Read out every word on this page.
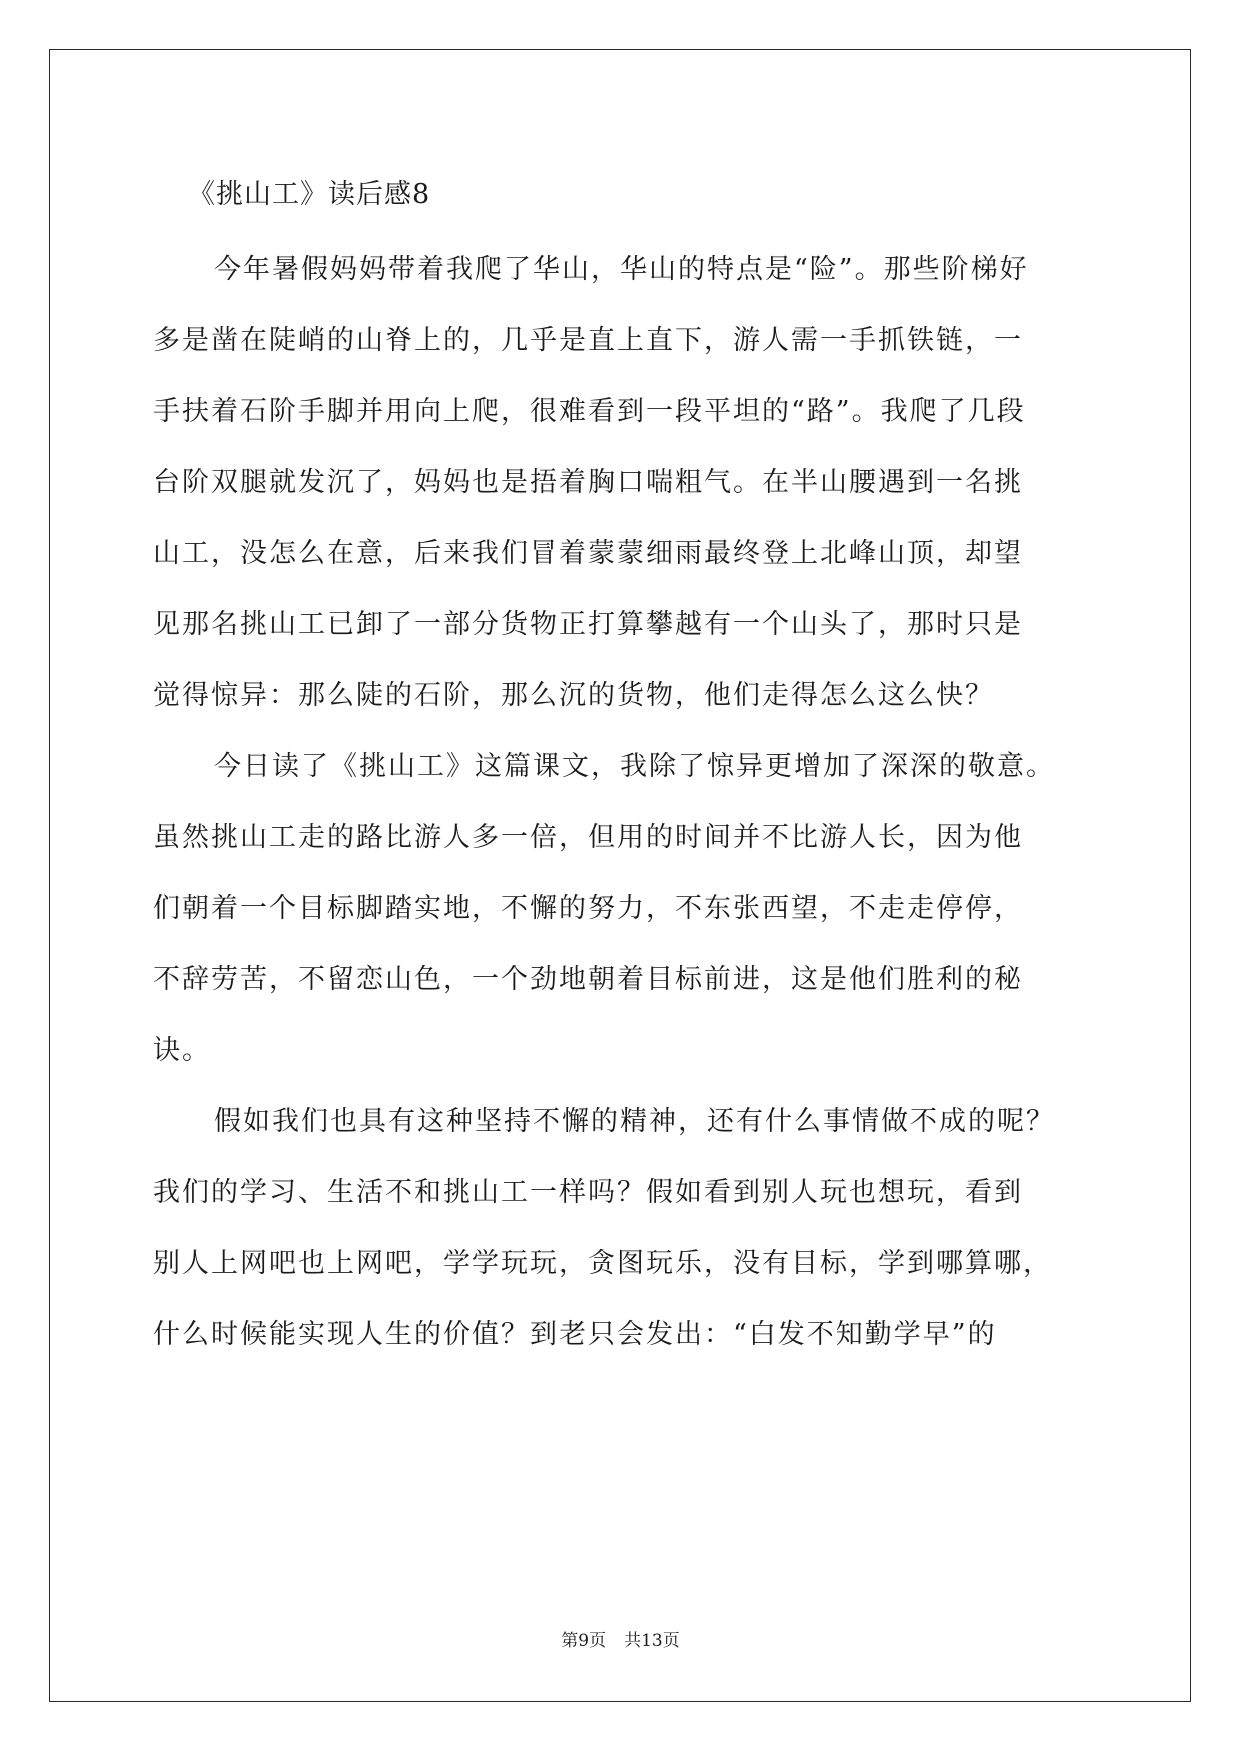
《挑山工》读后感8
今年暑假妈妈带着我爬了华山，华山的特点是“险”。那些阶梯好
多是凿在陡峭的山脊上的，几乎是直上直下，游人需一手抓铁链，一
手扶着石阶手脚并用向上爬，很难看到一段平坦的“路”。我爬了几段
台阶双腿就发沉了，妈妈也是捂着胸口喘粗气。在半山腰遇到一名挑
山工，没怎么在意，后来我们冒着蒙蒙细雨最终登上北峰山顶，却望
见那名挑山工已卸了一部分货物正打算攀越有一个山头了，那时只是
觉得惊异：那么陡的石阶，那么沉的货物，他们走得怎么这么快？
今日读了《挑山工》这篇课文，我除了惊异更增加了深深的敬意。
虽然挑山工走的路比游人多一倍，但用的时间并不比游人长，因为他
们朝着一个目标脚踏实地，不懈的努力，不东张西望，不走走停停，
不辞劳苦，不留恋山色，一个劲地朝着目标前进，这是他们胜利的秘
诀。
假如我们也具有这种坚持不懈的精神，还有什么事情做不成的呢？
我们的学习、生活不和挑山工一样吗？假如看到别人玩也想玩，看到
别人上网吧也上网吧，学学玩玩，贪图玩乐，没有目标，学到哪算哪，
什么时候能实现人生的价值？到老只会发出：“白发不知勤学早”的
第9页 共13页
